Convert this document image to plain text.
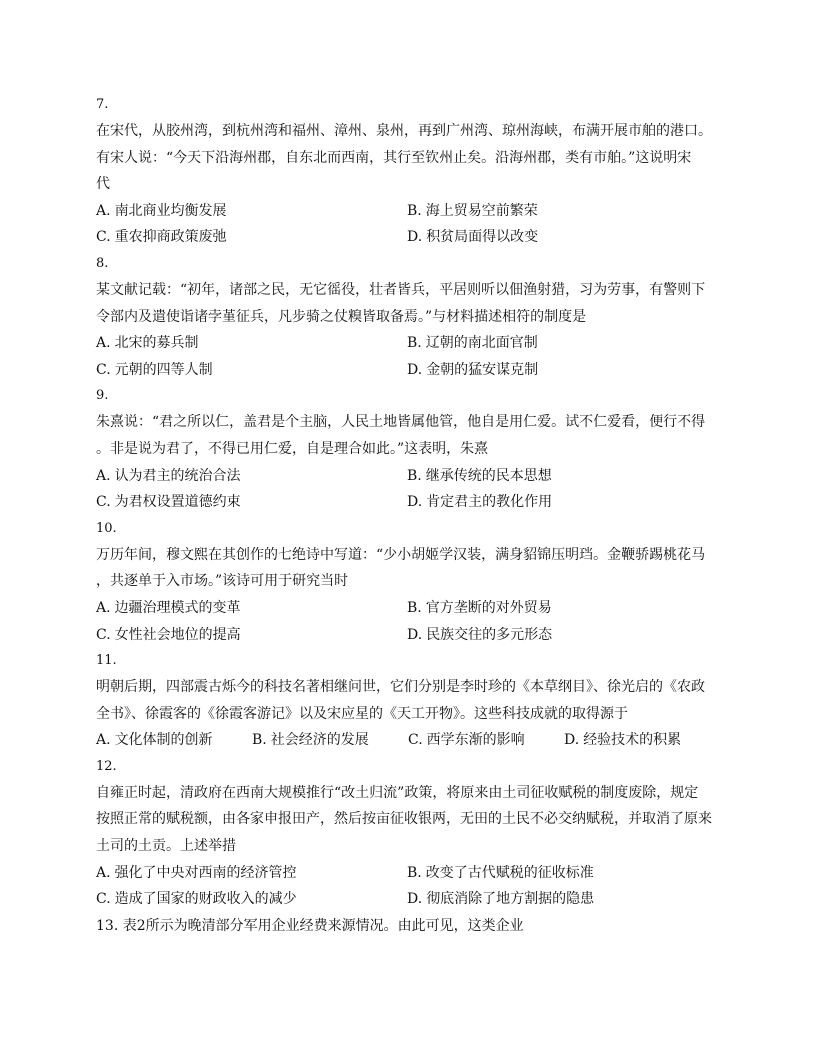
7.
在宋代，从胶州湾，到杭州湾和福州、漳州、泉州，再到广州湾、琼州海峡，布满开展市舶的港口。
有宋人说：“今天下沿海州郡，自东北而西南，其行至钦州止矣。沿海州郡，类有市舶。”这说明宋
代
A. 南北商业均衡发展	B. 海上贸易空前繁荣
C. 重农抑商政策废弛	D. 积贫局面得以改变
8.
某文献记载：“初年，诸部之民，无它徭役，壮者皆兵，平居则听以佃渔射猎，习为劳事，有警则下
令部内及遣使诣诸孛堇征兵，凡步骑之仗糗皆取备焉。”与材料描述相符的制度是
A. 北宋的募兵制	B. 辽朝的南北面官制
C. 元朝的四等人制	D. 金朝的猛安谋克制
9.
朱熹说：“君之所以仁，盖君是个主脑，人民土地皆属他管，他自是用仁爱。试不仁爱看，便行不得
。非是说为君了，不得已用仁爱，自是理合如此。”这表明，朱熹
A. 认为君主的统治合法	B. 继承传统的民本思想
C. 为君权设置道德约束	D. 肯定君主的教化作用
10.
万历年间，穆文熙在其创作的七绝诗中写道：“少小胡姬学汉装，满身貂锦压明珰。金鞭骄踢桃花马
，共逐单于入市场。”该诗可用于研究当时
A. 边疆治理模式的变革	B. 官方垄断的对外贸易
C. 女性社会地位的提高	D. 民族交往的多元形态
11.
明朝后期，四部震古烁今的科技名著相继问世，它们分别是李时珍的《本草纲目》、徐光启的《农政
全书》、徐霞客的《徐霞客游记》以及宋应星的《天工开物》。这些科技成就的取得源于
A. 文化体制的创新	B. 社会经济的发展	C. 西学东渐的影响	D. 经验技术的积累
12.
自雍正时起，清政府在西南大规模推行“改土归流”政策，将原来由土司征收赋税的制度废除，规定
按照正常的赋税额，由各家申报田产，然后按亩征收银两，无田的土民不必交纳赋税，并取消了原来
土司的土贡。上述举措
A. 强化了中央对西南的经济管控	B. 改变了古代赋税的征收标准
C. 造成了国家的财政收入的减少	D. 彻底消除了地方割据的隐患
13. 表2所示为晚清部分军用企业经费来源情况。由此可见，这类企业
